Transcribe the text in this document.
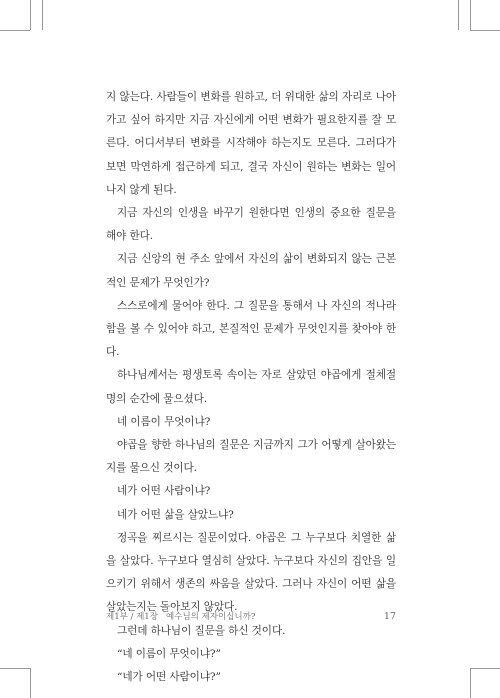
지 않는다. 사람들이 변화를 원하고, 더 위대한 삶의 자리로 나아가고 싶어 하지만 지금 자신에게 어떤 변화가 필요한지를 잘 모른다. 어디서부터 변화를 시작해야 하는지도 모른다. 그러다가 보면 막연하게 접근하게 되고, 결국 자신이 원하는 변화는 일어나지 않게 된다.

지금 자신의 인생을 바꾸기 원한다면 인생의 중요한 질문을 해야 한다.

지금 신앙의 현 주소 앞에서 자신의 삶이 변화되지 않는 근본적인 문제가 무엇인가?

스스로에게 물어야 한다. 그 질문을 통해서 나 자신의 적나라함을 볼 수 있어야 하고, 본질적인 문제가 무엇인지를 찾아야 한다.

하나님께서는 평생토록 속이는 자로 살았던 야곱에게 절체절명의 순간에 물으셨다.

네 이름이 무엇이냐?

야곱을 향한 하나님의 질문은 지금까지 그가 어떻게 살아왔는지를 물으신 것이다.

네가 어떤 사람이냐?

네가 어떤 삶을 살았느냐?

정곡을 찌르시는 질문이었다. 야곱은 그 누구보다 치열한 삶을 살았다. 누구보다 열심히 살았다. 누구보다 자신의 집안을 일으키기 위해서 생존의 싸움을 살았다. 그러나 자신이 어떤 삶을 살았는지는 돌아보지 않았다.

그런데 하나님이 질문을 하신 것이다.

“네 이름이 무엇이냐?”

“네가 어떤 사람이냐?”

제1부 / 제1장   예수님의 제자이십니까?	17
